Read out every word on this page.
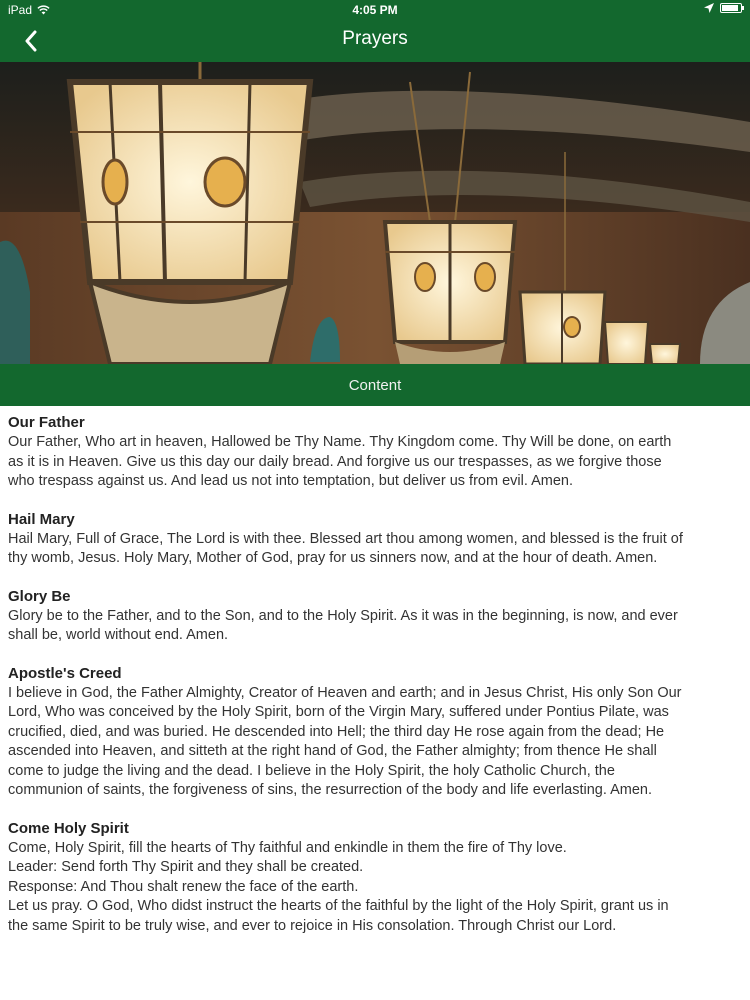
iPad	4:05 PM
Prayers
Content
Our Father
Our Father, Who art in heaven, Hallowed be Thy Name. Thy Kingdom come. Thy Will be done, on earth
as it is in Heaven. Give us this day our daily bread. And forgive us our trespasses, as we forgive those
who trespass against us. And lead us not into temptation, but deliver us from evil. Amen.
Hail Mary
Hail Mary, Full of Grace, The Lord is with thee. Blessed art thou among women, and blessed is the fruit of
thy womb, Jesus. Holy Mary, Mother of God, pray for us sinners now, and at the hour of death. Amen.
Glory Be
Glory be to the Father, and to the Son, and to the Holy Spirit. As it was in the beginning, is now, and ever
shall be, world without end. Amen.
Apostle's Creed
I believe in God, the Father Almighty, Creator of Heaven and earth; and in Jesus Christ, His only Son Our
Lord, Who was conceived by the Holy Spirit, born of the Virgin Mary, suffered under Pontius Pilate, was
crucified, died, and was buried. He descended into Hell; the third day He rose again from the dead; He
ascended into Heaven, and sitteth at the right hand of God, the Father almighty; from thence He shall
come to judge the living and the dead. I believe in the Holy Spirit, the holy Catholic Church, the
communion of saints, the forgiveness of sins, the resurrection of the body and life everlasting. Amen.
Come Holy Spirit
Come, Holy Spirit, fill the hearts of Thy faithful and enkindle in them the fire of Thy love.
Leader: Send forth Thy Spirit and they shall be created.
Response: And Thou shalt renew the face of the earth.
Let us pray. O God, Who didst instruct the hearts of the faithful by the light of the Holy Spirit, grant us in
the same Spirit to be truly wise, and ever to rejoice in His consolation. Through Christ our Lord.
